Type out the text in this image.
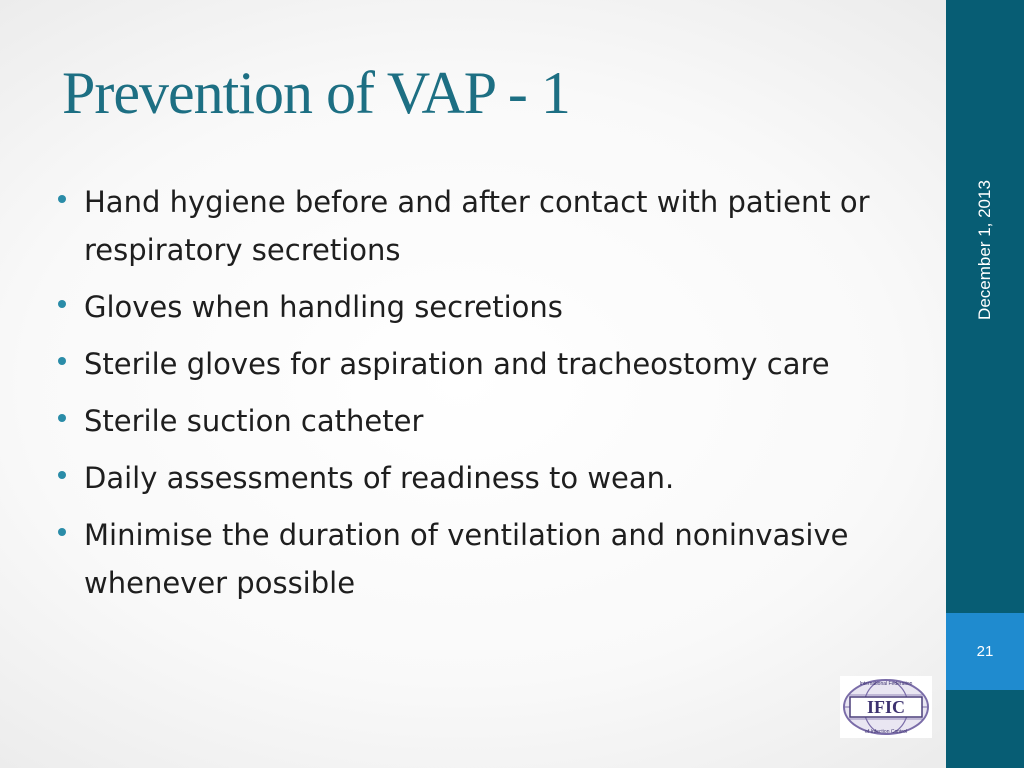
Prevention of VAP - 1
Hand hygiene before and after contact with patient or respiratory secretions
Gloves when handling secretions
Sterile gloves for aspiration and tracheostomy care
Sterile suction catheter
Daily assessments of readiness to wean.
Minimise the duration of ventilation and noninvasive whenever possible
December 1, 2013
21
IFIC
International Federation
of Infection Control
